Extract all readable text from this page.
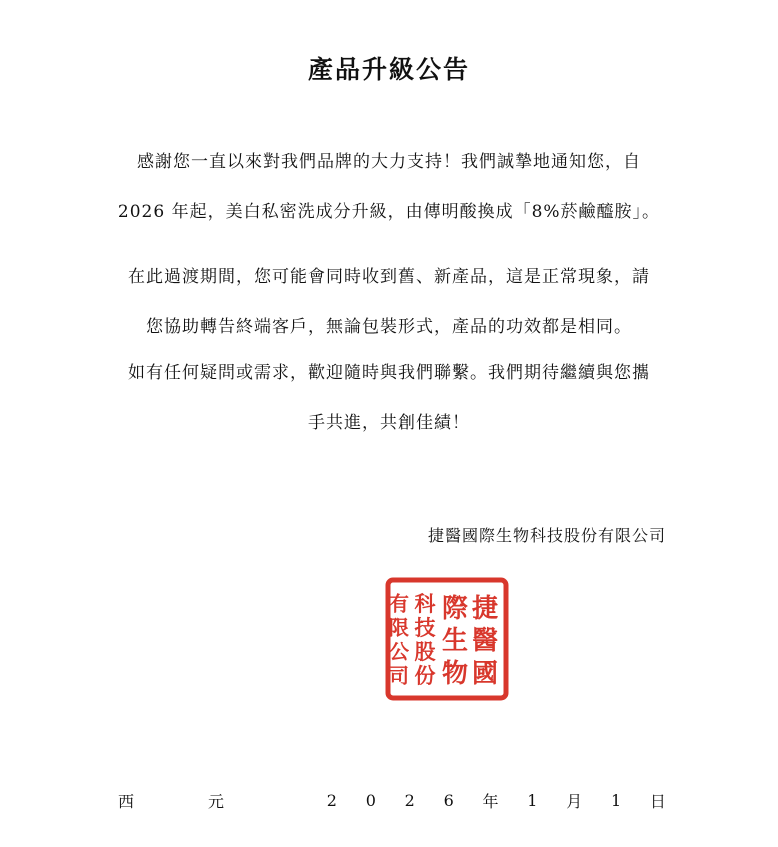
產品升級公告
感謝您一直以來對我們品牌的大力支持！我們誠摯地通知您，自
2026 年起，美白私密洗成分升級，由傳明酸換成「8%菸鹼醯胺」。
在此過渡期間，您可能會同時收到舊、新產品，這是正常現象，請
您協助轉告終端客戶，無論包裝形式，產品的功效都是相同。
如有任何疑問或需求，歡迎隨時與我們聯繫。我們期待繼續與您攜
手共進，共創佳績！
捷醫國際生物科技股份有限公司
捷
醫
國
際
生
物
科
技
股
份
有
限
公
司
西元 2 0 2 6 年 1 月 1 日
